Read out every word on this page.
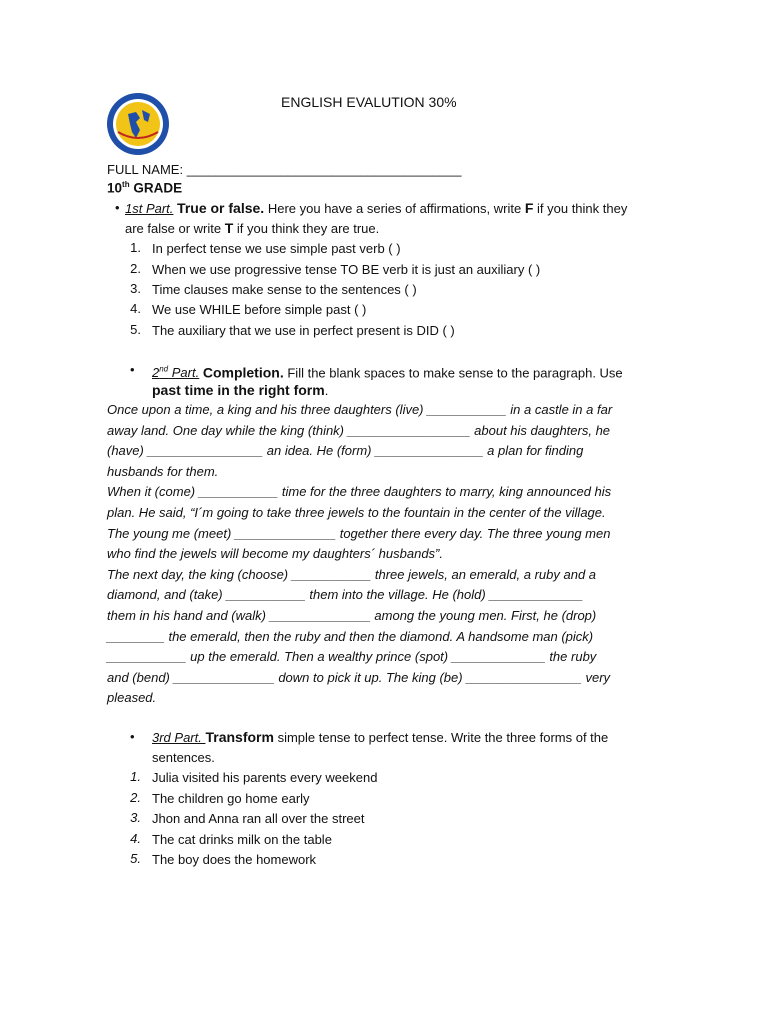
ENGLISH EVALUTION 30%
FULL NAME: ______________________________________
10th GRADE
• 1st Part. True or false. Here you have a series of affirmations, write F if you think they
are false or write T if you think they are true.
1. In perfect tense we use simple past verb ( )
2. When we use progressive tense TO BE verb it is just an auxiliary ( )
3. Time clauses make sense to the sentences ( )
4. We use WHILE before simple past ( )
5. The auxiliary that we use in perfect present is DID ( )
• 2nd Part. Completion. Fill the blank spaces to make sense to the paragraph. Use
past time in the right form.
Once upon a time, a king and his three daughters (live) ___________ in a castle in a far
away land. One day while the king (think) _________________ about his daughters, he
(have) ________________ an idea. He (form) _______________ a plan for finding
husbands for them.
When it (come) ___________ time for the three daughters to marry, king announced his
plan. He said, “I´m going to take three jewels to the fountain in the center of the village.
The young me (meet) ______________ together there every day. The three young men
who find the jewels will become my daughters´ husbands”.
The next day, the king (choose) ___________ three jewels, an emerald, a ruby and a
diamond, and (take) ___________ them into the village. He (hold) _____________
them in his hand and (walk) ______________ among the young men. First, he (drop)
________ the emerald, then the ruby and then the diamond. A handsome man (pick)
___________ up the emerald. Then a wealthy prince (spot) _____________ the ruby
and (bend) ______________ down to pick it up. The king (be) ________________ very
pleased.
• 3rd Part. Transform simple tense to perfect tense. Write the three forms of the
sentences.
1. Julia visited his parents every weekend
2. The children go home early
3. Jhon and Anna ran all over the street
4. The cat drinks milk on the table
5. The boy does the homework
